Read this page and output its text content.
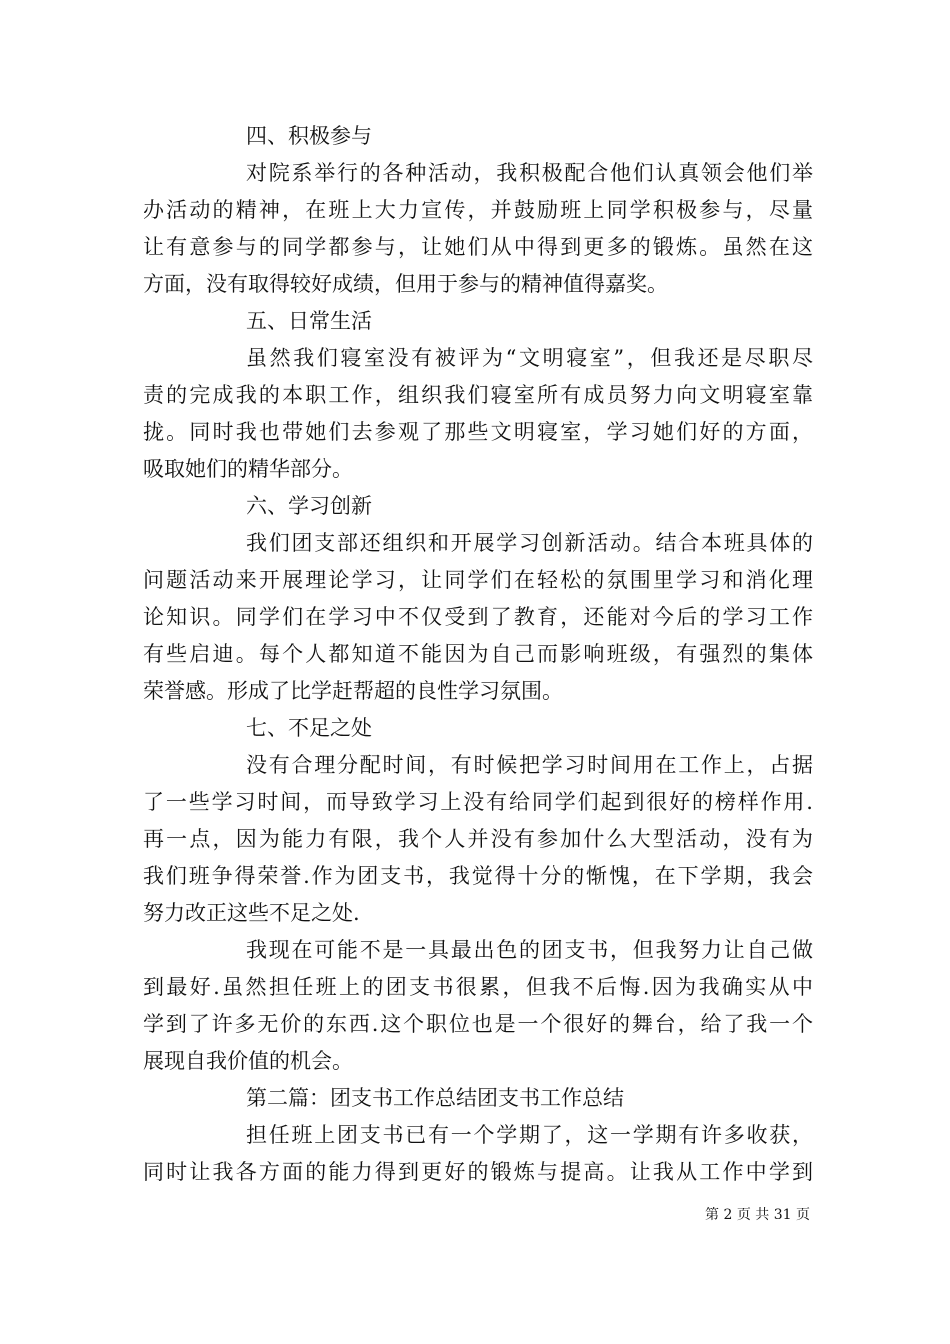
四、积极参与
对院系举行的各种活动，我积极配合他们认真领会他们举
办活动的精神，在班上大力宣传，并鼓励班上同学积极参与，尽量
让有意参与的同学都参与，让她们从中得到更多的锻炼。虽然在这
方面，没有取得较好成绩，但用于参与的精神值得嘉奖。
五、日常生活
虽然我们寝室没有被评为“文明寝室”，但我还是尽职尽
责的完成我的本职工作，组织我们寝室所有成员努力向文明寝室靠
拢。同时我也带她们去参观了那些文明寝室，学习她们好的方面，
吸取她们的精华部分。
六、学习创新
我们团支部还组织和开展学习创新活动。结合本班具体的
问题活动来开展理论学习，让同学们在轻松的氛围里学习和消化理
论知识。同学们在学习中不仅受到了教育，还能对今后的学习工作
有些启迪。每个人都知道不能因为自己而影响班级，有强烈的集体
荣誉感。形成了比学赶帮超的良性学习氛围。
七、不足之处
没有合理分配时间，有时候把学习时间用在工作上，占据
了一些学习时间，而导致学习上没有给同学们起到很好的榜样作用.
再一点，因为能力有限，我个人并没有参加什么大型活动，没有为
我们班争得荣誉.作为团支书，我觉得十分的惭愧，在下学期，我会
努力改正这些不足之处.
我现在可能不是一具最出色的团支书，但我努力让自己做
到最好.虽然担任班上的团支书很累，但我不后悔.因为我确实从中
学到了许多无价的东西.这个职位也是一个很好的舞台，给了我一个
展现自我价值的机会。
第二篇：团支书工作总结团支书工作总结
担任班上团支书已有一个学期了，这一学期有许多收获，
同时让我各方面的能力得到更好的锻炼与提高。让我从工作中学到
第 2 页 共 31 页
